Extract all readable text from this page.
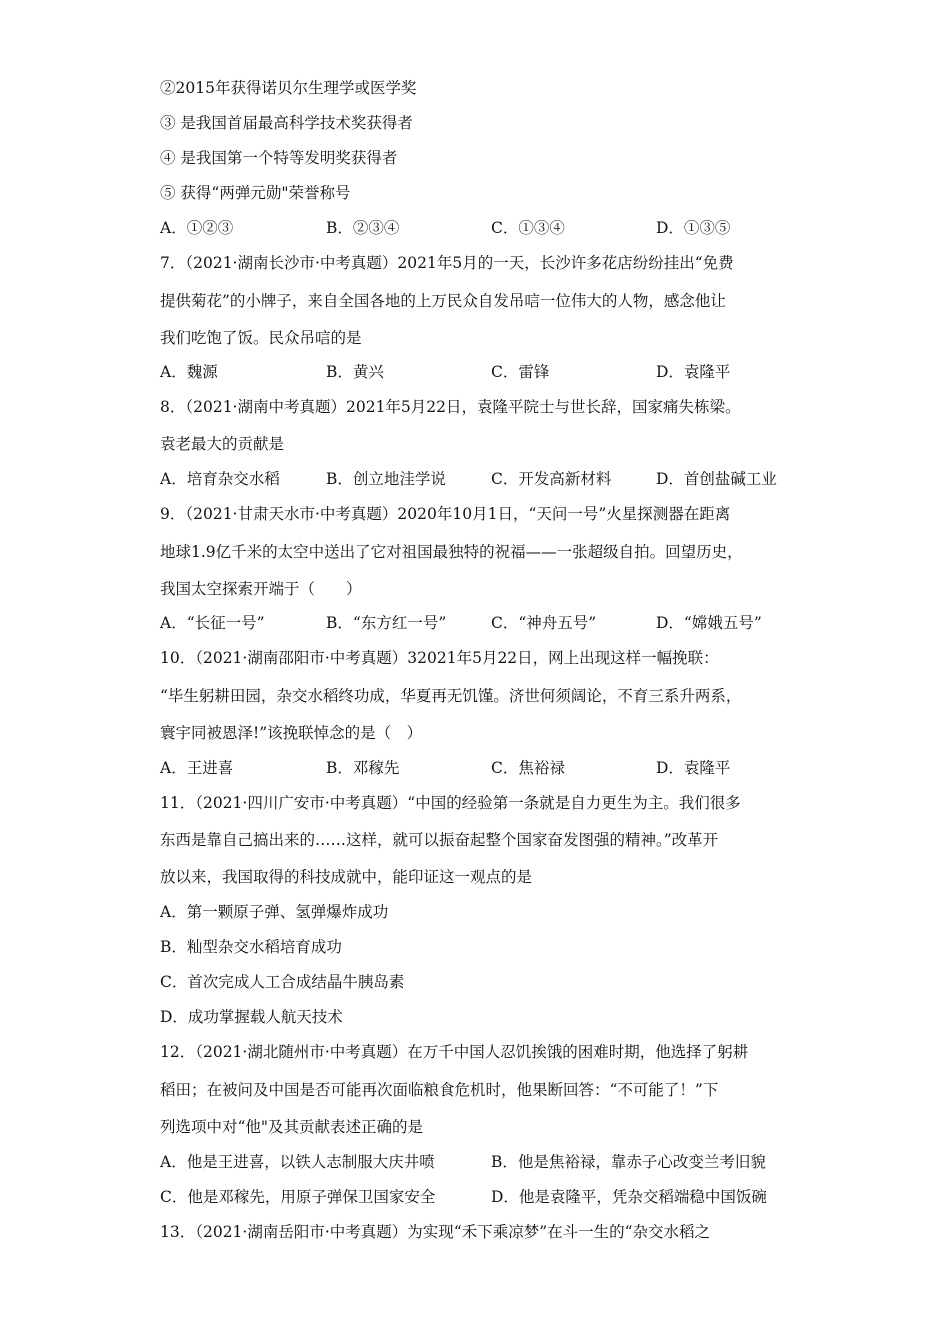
②2015年获得诺贝尔生理学或医学奖
③ 是我国首届最高科学技术奖获得者
④ 是我国第一个特等发明奖获得者
⑤ 获得“两弹元勋"荣誉称号
A．①②③	B．②③④	C．①③④	D．①③⑤
7．（2021·湖南长沙市·中考真题）2021年5月的一天，长沙许多花店纷纷挂出“免费
提供菊花”的小牌子，来自全国各地的上万民众自发吊唁一位伟大的人物，感念他让
我们吃饱了饭。民众吊唁的是
A．魏源	B．黄兴	C．雷锋	D．袁隆平
8．（2021·湖南中考真题）2021年5月22日，袁隆平院士与世长辞，国家痛失栋梁。
袁老最大的贡献是
A．培育杂交水稻	B．创立地洼学说	C．开发高新材料	D．首创盐碱工业
9．（2021·甘肃天水市·中考真题）2020年10月1日，“天问一号”火星探测器在距离
地球1.9亿千米的太空中送出了它对祖国最独特的祝福——一张超级自拍。回望历史，
我国太空探索开端于（　　）
A．“长征一号”	B．“东方红一号”	C．“神舟五号”	D．“嫦娥五号”
10．（2021·湖南邵阳市·中考真题）32021年5月22日，网上出现这样一幅挽联：
“毕生躬耕田园，杂交水稻终功成，华夏再无饥馑。济世何须阔论，不育三系升两系，
寰宇同被恩泽!”该挽联悼念的是（　）
A．王进喜	B．邓稼先	C．焦裕禄	D．袁隆平
11．（2021·四川广安市·中考真题）“中国的经验第一条就是自力更生为主。我们很多
东西是靠自己搞出来的……这样，就可以振奋起整个国家奋发图强的精神。”改革开
放以来，我国取得的科技成就中，能印证这一观点的是
A．第一颗原子弹、氢弹爆炸成功
B．籼型杂交水稻培育成功
C．首次完成人工合成结晶牛胰岛素
D．成功掌握载人航天技术
12．（2021·湖北随州市·中考真题）在万千中国人忍饥挨饿的困难时期，他选择了躬耕
稻田；在被问及中国是否可能再次面临粮食危机时，他果断回答：“不可能了！”下
列选项中对“他"及其贡献表述正确的是
A．他是王进喜，以铁人志制服大庆井喷	B．他是焦裕禄，靠赤子心改变兰考旧貌
C．他是邓稼先，用原子弹保卫国家安全	D．他是袁隆平，凭杂交稻端稳中国饭碗
13．（2021·湖南岳阳市·中考真题）为实现“禾下乘凉梦”在斗一生的“杂交水稻之
